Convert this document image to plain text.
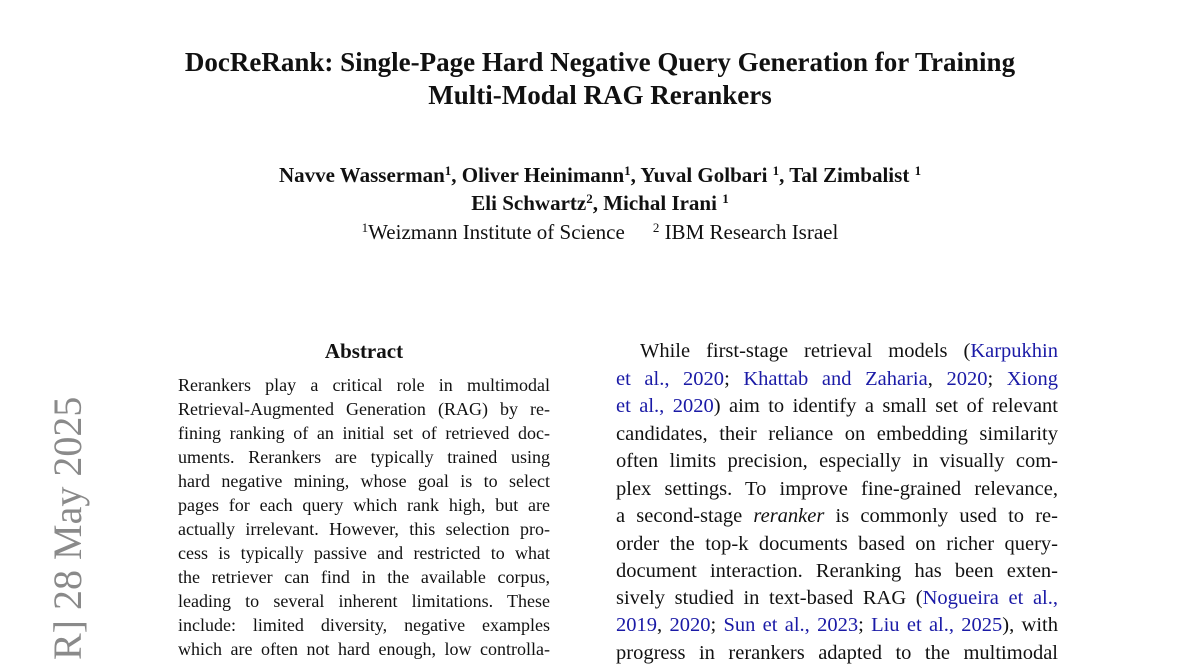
DocReRank: Single-Page Hard Negative Query Generation for Training
Multi-Modal RAG Rerankers
Navve Wasserman$^1$, Oliver Heinimann$^1$, Yuval Golbari $^1$, Tal Zimbalist $^1$
Eli Schwartz$^2$, Michal Irani $^1$
$^1$Weizmann Institute of Science $^2$ IBM Research Israel
R] 28 May 2025
Abstract
Rerankers play a critical role in multimodal
Retrieval-Augmented Generation (RAG) by re-
fining ranking of an initial set of retrieved doc-
uments. Rerankers are typically trained using
hard negative mining, whose goal is to select
pages for each query which rank high, but are
actually irrelevant. However, this selection pro-
cess is typically passive and restricted to what
the retriever can find in the available corpus,
leading to several inherent limitations. These
include: limited diversity, negative examples
which are often not hard enough, low controlla-
While first-stage retrieval models (Karpukhin
et al., 2020; Khattab and Zaharia, 2020; Xiong
et al., 2020) aim to identify a small set of relevant
candidates, their reliance on embedding similarity
often limits precision, especially in visually com-
plex settings. To improve fine-grained relevance,
a second-stage reranker is commonly used to re-
order the top-k documents based on richer query-
document interaction. Reranking has been exten-
sively studied in text-based RAG (Nogueira et al.,
2019, 2020; Sun et al., 2023; Liu et al., 2025), with
progress in rerankers adapted to the multimodal
